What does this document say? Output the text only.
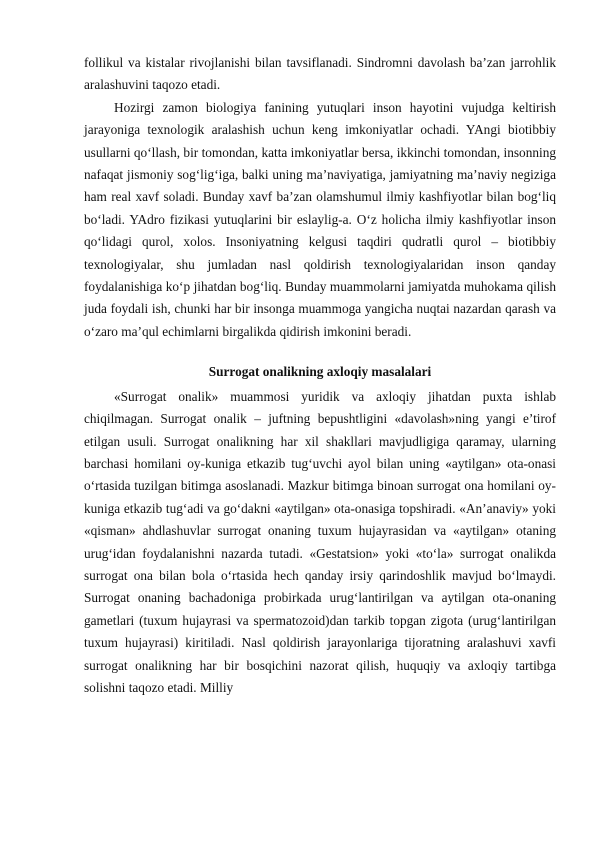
follikul va kistalar rivojlanishi bilan tavsiflanadi. Sindromni davolash ba’zan jarrohlik aralashuvini taqozo etadi.

Hozirgi zamon biologiya fanining yutuqlari inson hayotini vujudga keltirish jarayoniga texnologik aralashish uchun keng imkoniyatlar ochadi. YAngi biotibbiy usullarni qo‘llash, bir tomondan, katta imkoniyatlar bersa, ikkinchi tomondan, insonning nafaqat jismoniy sog‘lig‘iga, balki uning ma’naviyatiga, jamiyatning ma’naviy negiziga ham real xavf soladi. Bunday xavf ba’zan olamshumul ilmiy kashfiyotlar bilan bog‘liq bo‘ladi. YAdro fizikasi yutuqlarini bir eslaylig-a. O‘z holicha ilmiy kashfiyotlar inson qo‘lidagi qurol, xolos. Insoniyatning kelgusi taqdiri qudratli qurol – biotibbiy texnologiyalar, shu jumladan nasl qoldirish texnologiyalaridan inson qanday foydalanishiga ko‘p jihatdan bog‘liq. Bunday muammolarni jamiyatda muhokama qilish juda foydali ish, chunki har bir insonga muammoga yangicha nuqtai nazardan qarash va o‘zaro ma’qul echimlarni birgalikda qidirish imkonini beradi.

Surrogat onalikning axloqiy masalalari

«Surrogat onalik» muammosi yuridik va axloqiy jihatdan puxta ishlab chiqilmagan. Surrogat onalik – juftning bepushtligini «davolash»ning yangi e’tirof etilgan usuli. Surrogat onalikning har xil shakllari mavjudligiga qaramay, ularning barchasi homilani oy-kuniga etkazib tug‘uvchi ayol bilan uning «aytilgan» ota-onasi o‘rtasida tuzilgan bitimga asoslanadi. Mazkur bitimga binoan surrogat ona homilani oy-kuniga etkazib tug‘adi va go‘dakni «aytilgan» ota-onasiga topshiradi. «An’anaviy» yoki «qisman» ahdlashuvlar surrogat onaning tuxum hujayrasidan va «aytilgan» otaning urug‘idan foydalanishni nazarda tutadi. «Gestatsion» yoki «to‘la» surrogat onalikda surrogat ona bilan bola o‘rtasida hech qanday irsiy qarindoshlik mavjud bo‘lmaydi. Surrogat onaning bachadoniga probirkada urug‘lantirilgan va aytilgan ota-onaning gametlari (tuxum hujayrasi va spermatozoid)dan tarkib topgan zigota (urug‘lantirilgan tuxum hujayrasi) kiritiladi. Nasl qoldirish jarayonlariga tijoratning aralashuvi xavfi surrogat onalikning har bir bosqichini nazorat qilish, huquqiy va axloqiy tartibga solishni taqozo etadi. Milliy
